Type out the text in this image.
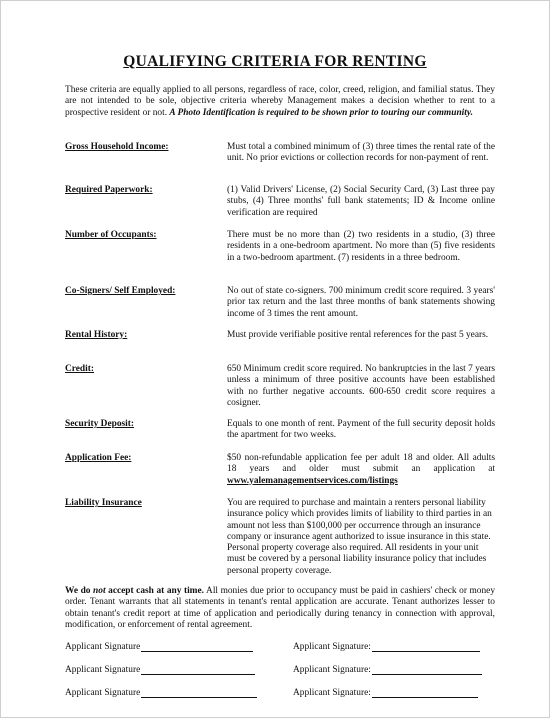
QUALIFYING CRITERIA FOR RENTING
These criteria are equally applied to all persons, regardless of race, color, creed, religion, and familial status. They are not intended to be sole, objective criteria whereby Management makes a decision whether to rent to a prospective resident or not. A Photo Identification is required to be shown prior to touring our community.
Gross Household Income:	Must total a combined minimum of (3) three times the rental rate of the unit. No prior evictions or collection records for non-payment of rent.
Required Paperwork:	(1) Valid Drivers' License, (2) Social Security Card, (3) Last three pay stubs, (4) Three months' full bank statements; ID & Income online verification are required
Number of Occupants:	There must be no more than (2) two residents in a studio, (3) three residents in a one-bedroom apartment. No more than (5) five residents in a two-bedroom apartment. (7) residents in a three bedroom.
Co-Signers/ Self Employed:	No out of state co-signers. 700 minimum credit score required. 3 years' prior tax return and the last three months of bank statements showing income of 3 times the rent amount.
Rental History:	Must provide verifiable positive rental references for the past 5 years.
Credit:	650 Minimum credit score required. No bankruptcies in the last 7 years unless a minimum of three positive accounts have been established with no further negative accounts. 600-650 credit score requires a cosigner.
Security Deposit:	Equals to one month of rent. Payment of the full security deposit holds the apartment for two weeks.
Application Fee:	$50 non-refundable application fee per adult 18 and older. All adults 18 years and older must submit an application at www.yalemanagementservices.com/listings
Liability Insurance	You are required to purchase and maintain a renters personal liability insurance policy which provides limits of liability to third parties in an amount not less than $100,000 per occurrence through an insurance company or insurance agent authorized to issue insurance in this state. Personal property coverage also required. All residents in your unit must be covered by a personal liability insurance policy that includes personal property coverage.
We do not accept cash at any time. All monies due prior to occupancy must be paid in cashiers' check or money order. Tenant warrants that all statements in tenant's rental application are accurate. Tenant authorizes lesser to obtain tenant's credit report at time of application and periodically during tenancy in connection with approval, modification, or enforcement of rental agreement.
Applicant Signature	Applicant Signature:
Applicant Signature	Applicant Signature:
Applicant Signature	Applicant Signature:
